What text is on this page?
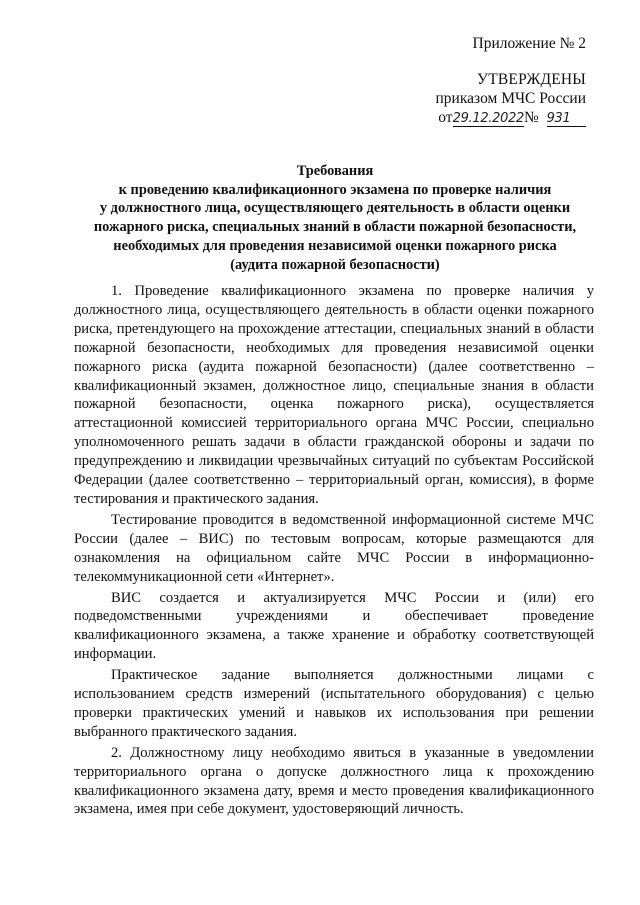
Приложение № 2
УТВЕРЖДЕНЫ
приказом МЧС России
от29.12.2022№ 931
Требования
к проведению квалификационного экзамена по проверке наличия
у должностного лица, осуществляющего деятельность в области оценки
пожарного риска, специальных знаний в области пожарной безопасности,
необходимых для проведения независимой оценки пожарного риска
(аудита пожарной безопасности)

1. Проведение квалификационного экзамена по проверке наличия у должностного лица, осуществляющего деятельность в области оценки пожарного риска, претендующего на прохождение аттестации, специальных знаний в области пожарной безопасности, необходимых для проведения независимой оценки пожарного риска (аудита пожарной безопасности) (далее соответственно – квалификационный экзамен, должностное лицо, специальные знания в области пожарной безопасности, оценка пожарного риска), осуществляется аттестационной комиссией территориального органа МЧС России, специально уполномоченного решать задачи в области гражданской обороны и задачи по предупреждению и ликвидации чрезвычайных ситуаций по субъектам Российской Федерации (далее соответственно – территориальный орган, комиссия), в форме тестирования и практического задания.

Тестирование проводится в ведомственной информационной системе МЧС России (далее – ВИС) по тестовым вопросам, которые размещаются для ознакомления на официальном сайте МЧС России в информационно-телекоммуникационной сети «Интернет».

ВИС создается и актуализируется МЧС России и (или) его подведомственными учреждениями и обеспечивает проведение квалификационного экзамена, а также хранение и обработку соответствующей информации.

Практическое задание выполняется должностными лицами с использованием средств измерений (испытательного оборудования) с целью проверки практических умений и навыков их использования при решении выбранного практического задания.

2. Должностному лицу необходимо явиться в указанные в уведомлении территориального органа о допуске должностного лица к прохождению квалификационного экзамена дату, время и место проведения квалификационного экзамена, имея при себе документ, удостоверяющий личность.
